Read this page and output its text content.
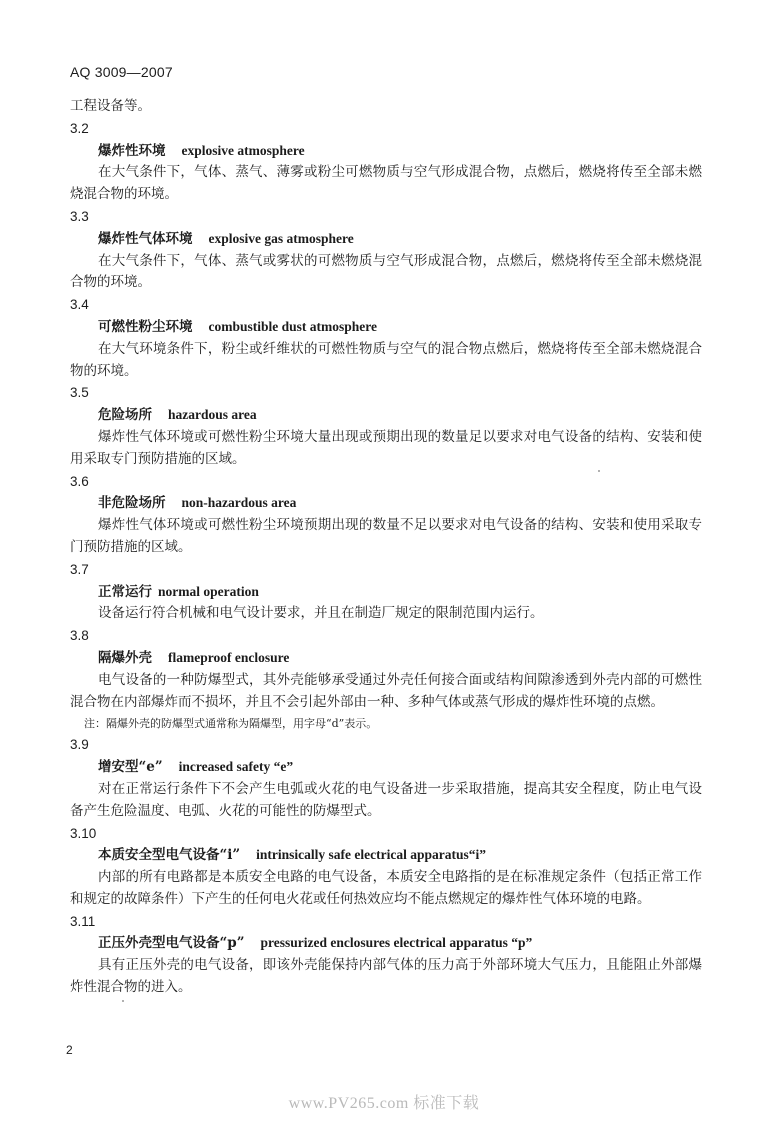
AQ 3009—2007

工程设备等。

3.2

爆炸性环境 explosive atmosphere

在大气条件下，气体、蒸气、薄雾或粉尘可燃物质与空气形成混合物，点燃后，燃烧将传至全部未燃烧混合物的环境。

3.3

爆炸性气体环境 explosive gas atmosphere

在大气条件下，气体、蒸气或雾状的可燃物质与空气形成混合物，点燃后，燃烧将传至全部未燃烧混合物的环境。

3.4

可燃性粉尘环境 combustible dust atmosphere

在大气环境条件下，粉尘或纤维状的可燃性物质与空气的混合物点燃后，燃烧将传至全部未燃烧混合物的环境。

3.5

危险场所 hazardous area

爆炸性气体环境或可燃性粉尘环境大量出现或预期出现的数量足以要求对电气设备的结构、安装和使用采取专门预防措施的区域。

3.6

非危险场所 non-hazardous area

爆炸性气体环境或可燃性粉尘环境预期出现的数量不足以要求对电气设备的结构、安装和使用采取专门预防措施的区域。

3.7

正常运行 normal operation

设备运行符合机械和电气设计要求，并且在制造厂规定的限制范围内运行。

3.8

隔爆外壳 flameproof enclosure

电气设备的一种防爆型式，其外壳能够承受通过外壳任何接合面或结构间隙渗透到外壳内部的可燃性混合物在内部爆炸而不损坏，并且不会引起外部由一种、多种气体或蒸气形成的爆炸性环境的点燃。

注：隔爆外壳的防爆型式通常称为隔爆型，用字母“d”表示。

3.9

增安型“e” increased safety “e”

对在正常运行条件下不会产生电弧或火花的电气设备进一步采取措施，提高其安全程度，防止电气设备产生危险温度、电弧、火花的可能性的防爆型式。

3.10

本质安全型电气设备“i” intrinsically safe electrical apparatus“i”

内部的所有电路都是本质安全电路的电气设备，本质安全电路指的是在标准规定条件（包括正常工作和规定的故障条件）下产生的任何电火花或任何热效应均不能点燃规定的爆炸性气体环境的电路。

3.11

正压外壳型电气设备“p” pressurized enclosures electrical apparatus “p”

具有正压外壳的电气设备，即该外壳能保持内部气体的压力高于外部环境大气压力，且能阻止外部爆炸性混合物的进入。

2
www.PV265.com 标准下载
